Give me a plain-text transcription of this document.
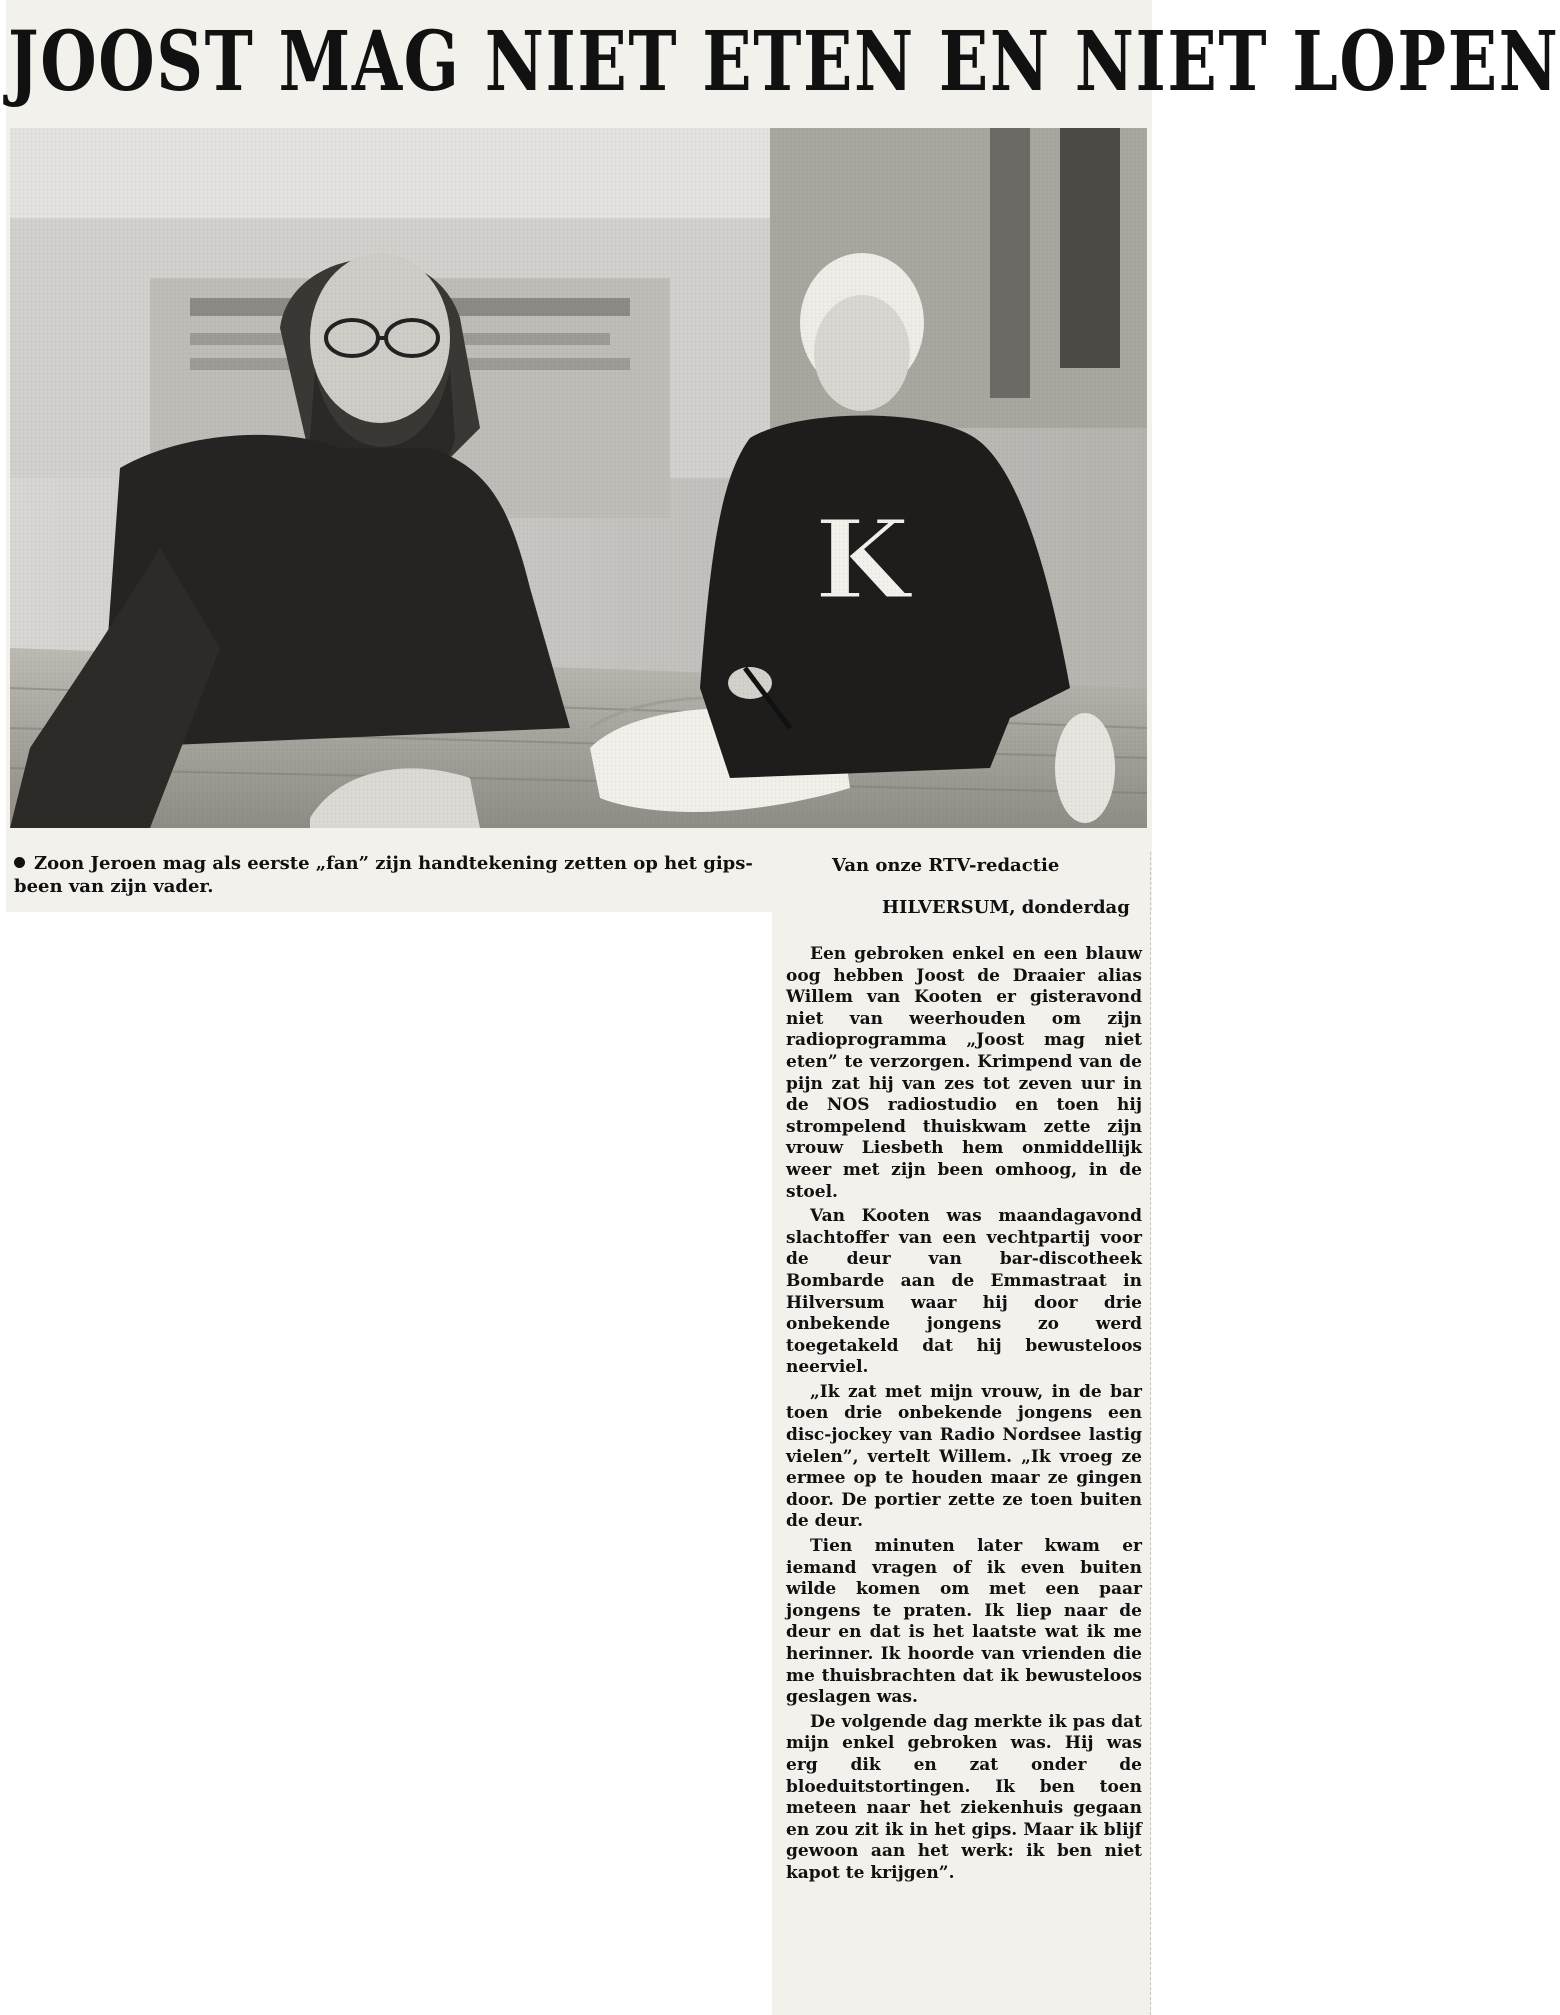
JOOST MAG NIET ETEN EN NIET LOPEN

Zoon Jeroen mag als eerste „fan” zijn handtekening zetten op het gips-been van zijn vader.

Van onze RTV-redactie

HILVERSUM, donderdag

Een gebroken enkel en een blauw oog hebben Joost de Draaier alias Willem van Kooten er gisteravond niet van weerhouden om zijn radioprogramma „Joost mag niet eten” te verzorgen. Krimpend van de pijn zat hij van zes tot zeven uur in de NOS radiostudio en toen hij strompelend thuiskwam zette zijn vrouw Liesbeth hem onmiddellijk weer met zijn been omhoog, in de stoel.

Van Kooten was maandagavond slachtoffer van een vechtpartij voor de deur van bar-discotheek Bombarde aan de Emmastraat in Hilversum waar hij door drie onbekende jongens zo werd toegetakeld dat hij bewusteloos neerviel.

„Ik zat met mijn vrouw, in de bar toen drie onbekende jongens een disc-jockey van Radio Nordsee lastig vielen”, vertelt Willem. „Ik vroeg ze ermee op te houden maar ze gingen door. De portier zette ze toen buiten de deur.

Tien minuten later kwam er iemand vragen of ik even buiten wilde komen om met een paar jongens te praten. Ik liep naar de deur en dat is het laatste wat ik me herinner. Ik hoorde van vrienden die me thuisbrachten dat ik bewusteloos geslagen was.

De volgende dag merkte ik pas dat mijn enkel gebroken was. Hij was erg dik en zat onder de bloeduitstortingen. Ik ben toen meteen naar het ziekenhuis gegaan en zou zit ik in het gips. Maar ik blijf gewoon aan het werk: ik ben niet kapot te krijgen”.
